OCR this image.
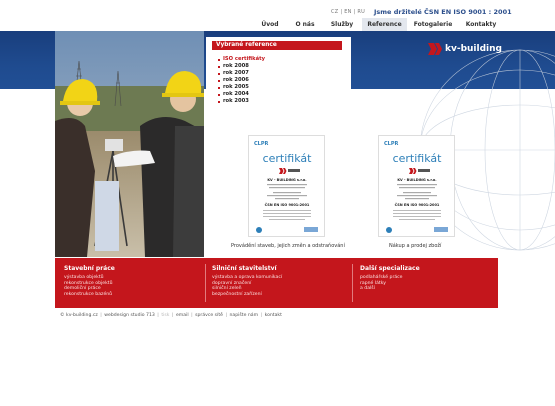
CZ | EN | RU Jsme držitelé ČSN EN ISO 9001 : 2001
Úvod	O nás	Služby	Reference	Fotogalerie	Kontakty
kv-building
Vybrané reference
ISO certifikáty
rok 2008
rok 2007
rok 2006
rok 2005
rok 2004
rok 2003
CLPR
certifikát
KV - BUILDING s.r.o.
ČSN EN ISO 9001:2001
Provádění staveb, jejich změn a odstraňování
CLPR
certifikát
KV - BUILDING s.r.o.
ČSN EN ISO 9001:2001
Nákup a prodej zboží
Stavební práce
výstavba objektů
rekonstrukce objektů
demoliční práce
rekonstrukce bazénů
Silniční stavitelství
výstavba a oprava komunikací
dopravní značení
silniční zeleň
bezpečnostní zařízení
Další specializace
podlahářské práce
rapné látky
a další
© kv-building.cz | webdesign studio 713 | tisk | email | správce sítě | napište nám | kontakt
